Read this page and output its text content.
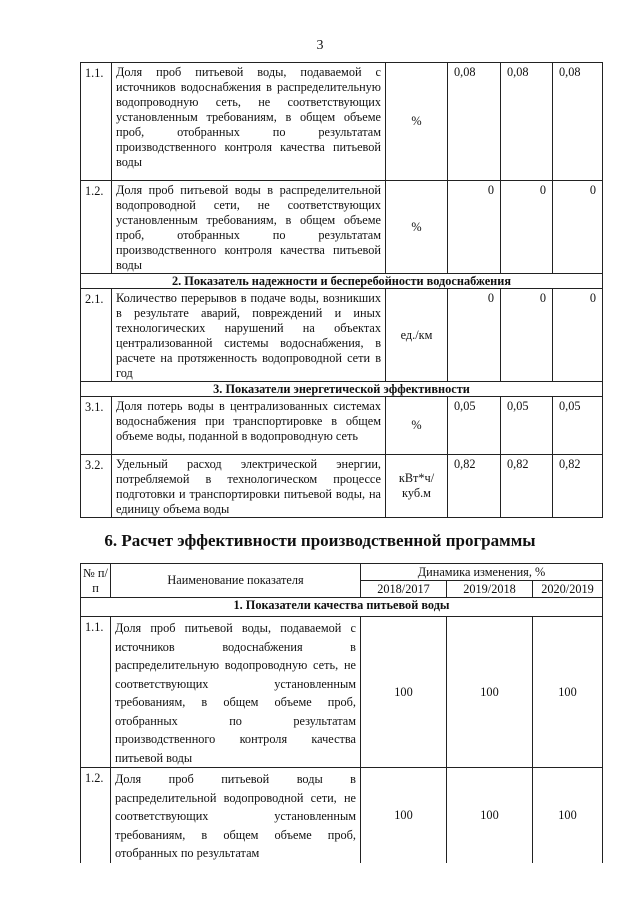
3
1.1.	Доля проб питьевой воды, подаваемой с источников водоснабжения в распределительную водопроводную сеть, не соответствующих установленным требованиям, в общем объеме проб, отобранных по результатам производственного контроля качества питьевой воды	%	0,08	0,08	0,08
1.2.	Доля проб питьевой воды в распределительной водопроводной сети, не соответствующих установленным требованиям, в общем объеме проб, отобранных по результатам производственного контроля качества питьевой воды	%	0	0	0
2. Показатель надежности и бесперебойности водоснабжения					
2.1.	Количество перерывов в подаче воды, возникших в результате аварий, повреждений и иных технологических нарушений на объектах централизованной системы водоснабжения, в расчете на протяженность водопроводной сети в год	ед./км	0	0	0
3. Показатели энергетической эффективности					
3.1.	Доля потерь воды в централизованных системах водоснабжения при транспортировке в общем объеме воды, поданной в водопроводную сеть	%	0,05	0,05	0,05
3.2.	Удельный расход электрической энергии, потребляемой в технологическом процессе подготовки и транспортировки питьевой воды, на единицу объема воды	кВт*ч/ куб.м	0,82	0,82	0,82
6. Расчет эффективности производственной программы
№ п/п	Наименование показателя	Динамика изменения, %		
		2018/2017	2019/2018	2020/2019
1. Показатели качества питьевой воды				
1.1.	Доля проб питьевой воды, подаваемой с источников водоснабжения в распределительную водопроводную сеть, не соответствующих установленным требованиям, в общем объеме проб, отобранных по результатам производственного контроля качества питьевой воды	100	100	100
1.2.	Доля проб питьевой воды в распределительной водопроводной сети, не соответствующих установленным требованиям, в общем объеме проб, отобранных по результатам	100	100	100
